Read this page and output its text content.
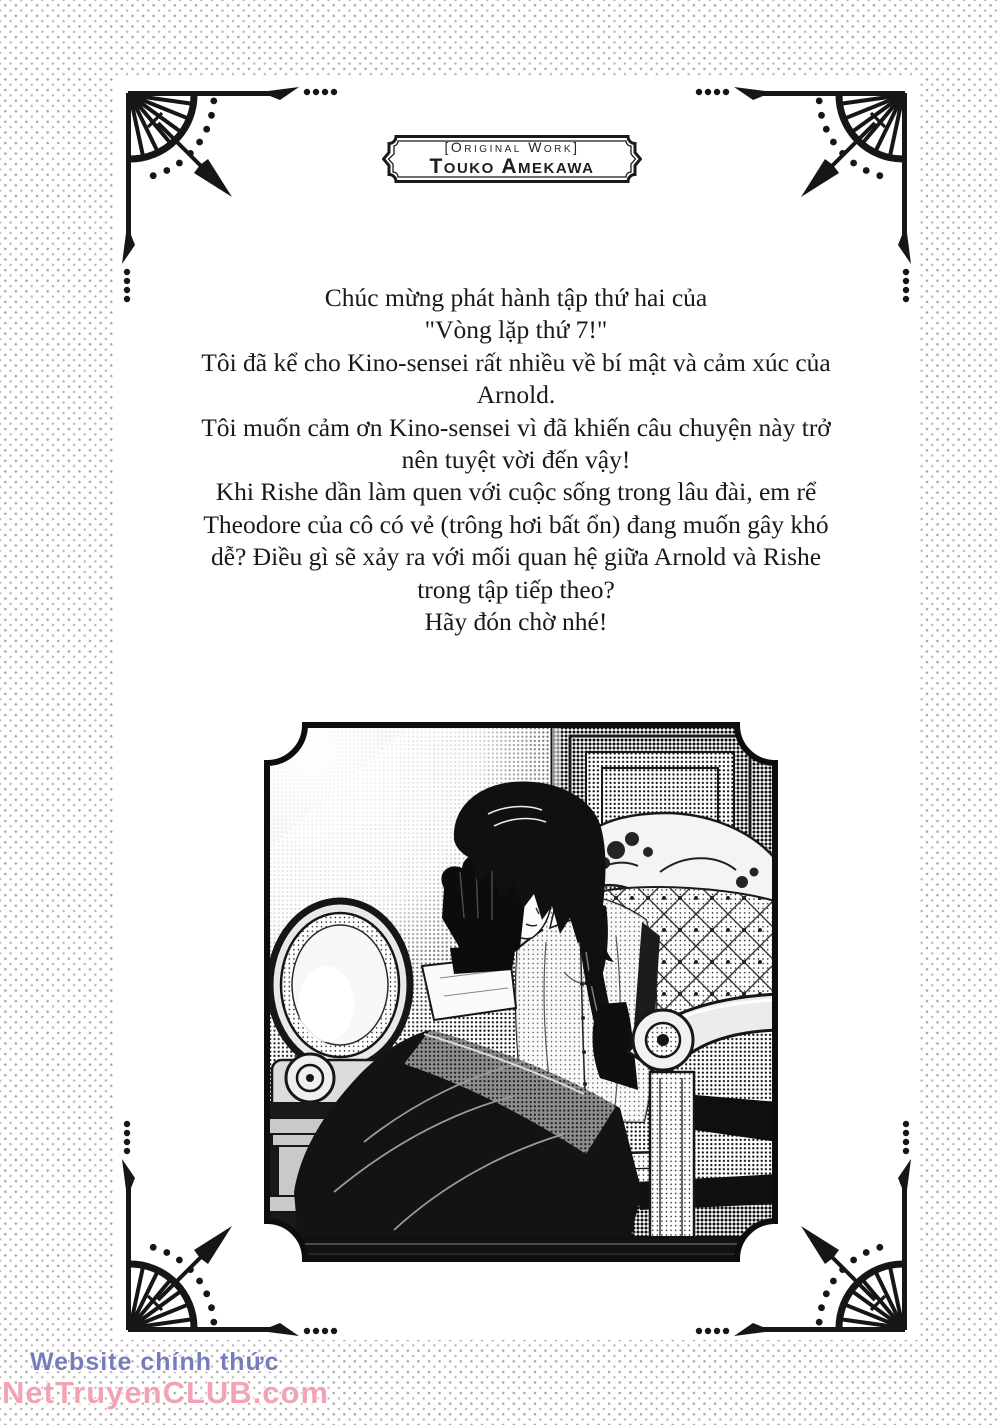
[Original Work]
Touko Amekawa
Chúc mừng phát hành tập thứ hai của
"Vòng lặp thứ 7!"
Tôi đã kể cho Kino-sensei rất nhiều về bí mật và cảm xúc của
Arnold.
Tôi muốn cảm ơn Kino-sensei vì đã khiến câu chuyện này trở
nên tuyệt vời đến vậy!
Khi Rishe dần làm quen với cuộc sống trong lâu đài, em rể
Theodore của cô có vẻ (trông hơi bất ổn) đang muốn gây khó
dễ? Điều gì sẽ xảy ra với mối quan hệ giữa Arnold và Rishe
trong tập tiếp theo?
Hãy đón chờ nhé!
Website chính thức
NetTruyenCLUB.com
